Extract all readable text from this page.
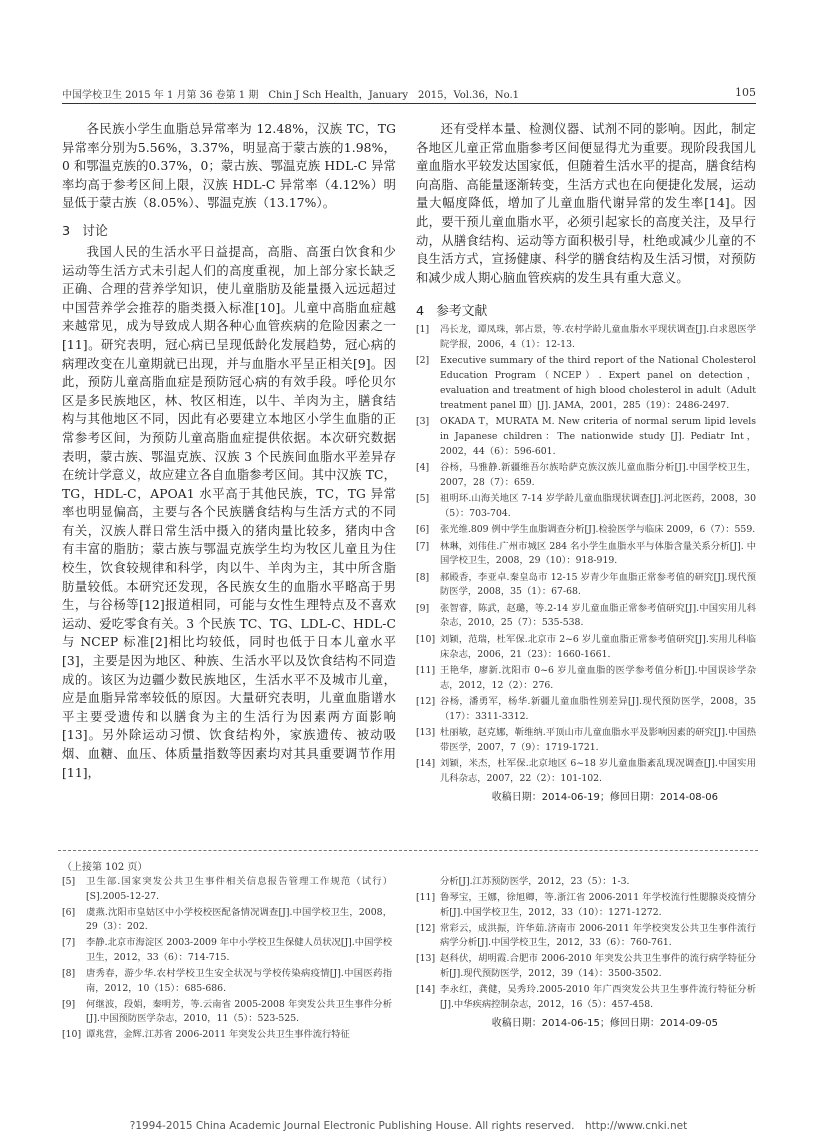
中国学校卫生 2015 年 1 月第 36 卷第 1 期　Chin J Sch Health，January　2015，Vol.36，No.1	105

各民族小学生血脂总异常率为 12.48%，汉族 TC，TG 异常率分别为5.56%，3.37%，明显高于蒙古族的1.98%，0 和鄂温克族的0.37%，0；蒙古族、鄂温克族 HDL-C 异常率均高于参考区间上限，汉族 HDL-C 异常率（4.12%）明显低于蒙古族（8.05%）、鄂温克族（13.17%）。

3 讨论

我国人民的生活水平日益提高，高脂、高蛋白饮食和少运动等生活方式未引起人们的高度重视，加上部分家长缺乏正确、合理的营养学知识，使儿童脂肪及能量摄入远远超过中国营养学会推荐的脂类摄入标准[10]。儿童中高脂血症越来越常见，成为导致成人期各种心血管疾病的危险因素之一[11]。研究表明，冠心病已呈现低龄化发展趋势，冠心病的病理改变在儿童期就已出现，并与血脂水平呈正相关[9]。因此，预防儿童高脂血症是预防冠心病的有效手段。呼伦贝尔区是多民族地区，林、牧区相连，以牛、羊肉为主，膳食结构与其他地区不同，因此有必要建立本地区小学生血脂的正常参考区间，为预防儿童高脂血症提供依据。本次研究数据表明，蒙古族、鄂温克族、汉族 3 个民族间血脂水平差异存在统计学意义，故应建立各自血脂参考区间。其中汉族 TC，TG，HDL-C，APOA1 水平高于其他民族，TC，TG 异常率也明显偏高，主要与各个民族膳食结构与生活方式的不同有关，汉族人群日常生活中摄入的猪肉量比较多，猪肉中含有丰富的脂肪；蒙古族与鄂温克族学生均为牧区儿童且为住校生，饮食较规律和科学，肉以牛、羊肉为主，其中所含脂肪量较低。本研究还发现，各民族女生的血脂水平略高于男生，与谷杨等[12]报道相同，可能与女性生理特点及不喜欢运动、爱吃零食有关。3 个民族 TC、TG、LDL-C、HDL-C 与 NCEP 标准[2]相比均较低，同时也低于日本儿童水平[3]，主要是因为地区、种族、生活水平以及饮食结构不同造成的。该区为边疆少数民族地区，生活水平不及城市儿童，应是血脂异常率较低的原因。大量研究表明，儿童血脂谱水平主要受遗传和以膳食为主的生活行为因素两方面影响[13]。另外除运动习惯、饮食结构外，家族遗传、被动吸烟、血糖、血压、体质量指数等因素均对其具重要调节作用[11]，

还有受样本量、检测仪器、试剂不同的影响。因此，制定各地区儿童正常血脂参考区间便显得尤为重要。现阶段我国儿童血脂水平较发达国家低，但随着生活水平的提高，膳食结构向高脂、高能量逐渐转变，生活方式也在向便捷化发展，运动量大幅度降低，增加了儿童血脂代谢异常的发生率[14]。因此，要干预儿童血脂水平，必须引起家长的高度关注，及早行动，从膳食结构、运动等方面积极引导，杜绝或减少儿童的不良生活方式，宣扬健康、科学的膳食结构及生活习惯，对预防和减少成人期心脑血管疾病的发生具有重大意义。

4 参考文献
[1] 冯长龙，谭凤珠，郭占景，等.农村学龄儿童血脂水平现状调查[J].白求恩医学院学报，2006，4（1）：12-13.
[2] Executive summary of the third report of the National Cholesterol Education Program（NCEP）. Expert panel on detection，evaluation and treatment of high blood cholesterol in adult（Adult treatment panel Ⅲ）[J]. JAMA，2001，285（19）：2486-2497.
[3] OKADA T，MURATA M. New criteria of normal serum lipid levels in Japanese children：The nationwide study [J]. Pediatr Int，2002，44（6）：596-601.
[4] 谷杨，马雅静.新疆维吾尔族哈萨克族汉族儿童血脂分析[J].中国学校卫生，2007，28（7）：659.
[5] 祖明环.山海关地区 7-14 岁学龄儿童血脂现状调查[J].河北医药，2008，30（5）：703-704.
[6] 张光维.809 例中学生血脂调查分析[J].检验医学与临床 2009，6（7）：559.
[7] 林琳，刘伟佳.广州市城区 284 名小学生血脂水平与体脂含量关系分析[J]. 中国学校卫生，2008，29（10）：918-919.
[8] 郝殿香，李亚卓.秦皇岛市 12-15 岁青少年血脂正常参考值的研究[J].现代预防医学，2008，35（1）：67-68.
[9] 张智睿，陈武，赵璐，等.2-14 岁儿童血脂正常参考值研究[J].中国实用儿科杂志，2010，25（7）：535-538.
[10] 刘颖，范瑞，杜军保.北京市 2~6 岁儿童血脂正常参考值研究[J].实用儿科临床杂志，2006，21（23）：1660-1661.
[11] 王艳华，廖新.沈阳市 0~6 岁儿童血脂的医学参考值分析[J].中国误诊学杂志，2012，12（2）：276.
[12] 谷杨，潘勇军，杨华.新疆儿童血脂性别差异[J].现代预防医学，2008，35（17）：3311-3312.
[13] 杜丽敏，赵克娜，靳维纳.平顶山市儿童血脂水平及影响因素的研究[J].中国热带医学，2007，7（9）：1719-1721.
[14] 刘颖，米杰，杜军保.北京地区 6~18 岁儿童血脂紊乱现况调查[J].中国实用儿科杂志，2007，22（2）：101-102.
收稿日期：2014-06-19；修回日期：2014-08-06
（上接第 102 页）
[5] 卫生部.国家突发公共卫生事件相关信息报告管理工作规范（试行）[S].2005-12-27.
[6] 虞燕.沈阳市皇姑区中小学校校医配备情况调查[J].中国学校卫生，2008，29（3）：202.
[7] 李静.北京市海淀区 2003-2009 年中小学校卫生保健人员状况[J].中国学校卫生，2012，33（6）：714-715.
[8] 唐秀春，游少华.农村学校卫生安全状况与学校传染病疫情[J].中国医药指南，2012，10（15）：685-686.
[9] 何继波，段娟，秦明芳，等.云南省 2005-2008 年突发公共卫生事件分析[J].中国预防医学杂志，2010，11（5）：523-525.
[10] 谭兆营，金辉.江苏省 2006-2011 年突发公共卫生事件流行特征
分析[J].江苏预防医学，2012，23（5）：1-3.
[11] 鲁琴宝，王娜，徐旭卿，等.浙江省 2006-2011 年学校流行性腮腺炎疫情分析[J].中国学校卫生，2012，33（10）：1271-1272.
[12] 常彩云，成洪振，许华茹.济南市 2006-2011 年学校突发公共卫生事件流行病学分析[J].中国学校卫生，2012，33（6）：760-761.
[13] 赵科伏，胡明霞.合肥市 2006-2010 年突发公共卫生事件的流行病学特征分析[J].现代预防医学，2012，39（14）：3500-3502.
[14] 李永红，龚健，吴秀玲.2005-2010 年广西突发公共卫生事件流行特征分析[J].中华疾病控制杂志，2012，16（5）：457-458.
收稿日期：2014-06-15；修回日期：2014-09-05
?1994-2015 China Academic Journal Electronic Publishing House. All rights reserved.　http://www.cnki.net
